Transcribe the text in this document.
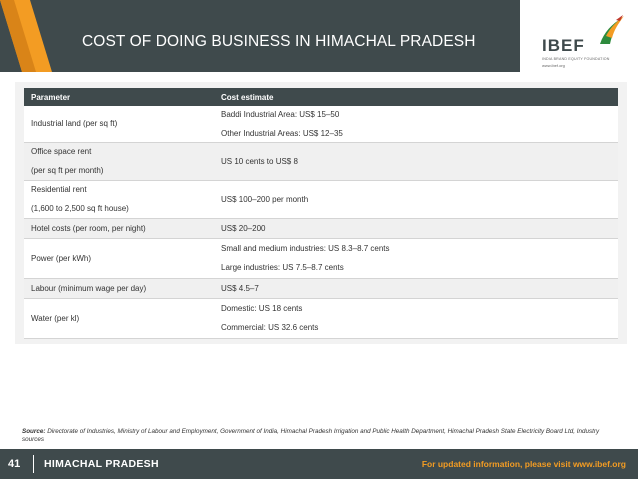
COST OF DOING BUSINESS IN HIMACHAL PRADESH	IBEF
INDIA BRAND EQUITY FOUNDATION
www.ibef.org
Parameter	Cost estimate

Industrial land (per sq ft)	Baddi Industrial Area: US$ 15–50
Other Industrial Areas: US$ 12–35

Office space rent
(per sq ft per month)	US 10 cents to US$ 8

Residential rent
(1,600 to 2,500 sq ft house)	US$ 100–200 per month

Hotel costs (per room, per night)	US$ 20–200

Power (per kWh)	Small and medium industries: US 8.3–8.7 cents
Large industries: US 7.5–8.7 cents

Labour (minimum wage per day)	US$ 4.5–7

Water (per kl)	Domestic: US 18 cents
Commercial: US 32.6 cents
Source: Directorate of Industries, Ministry of Labour and Employment, Government of India, Himachal Pradesh Irrigation and Public Health Department, Himachal Pradesh State Electricity Board Ltd, Industry sources
41 HIMACHAL PRADESH	For updated information, please visit www.ibef.org
